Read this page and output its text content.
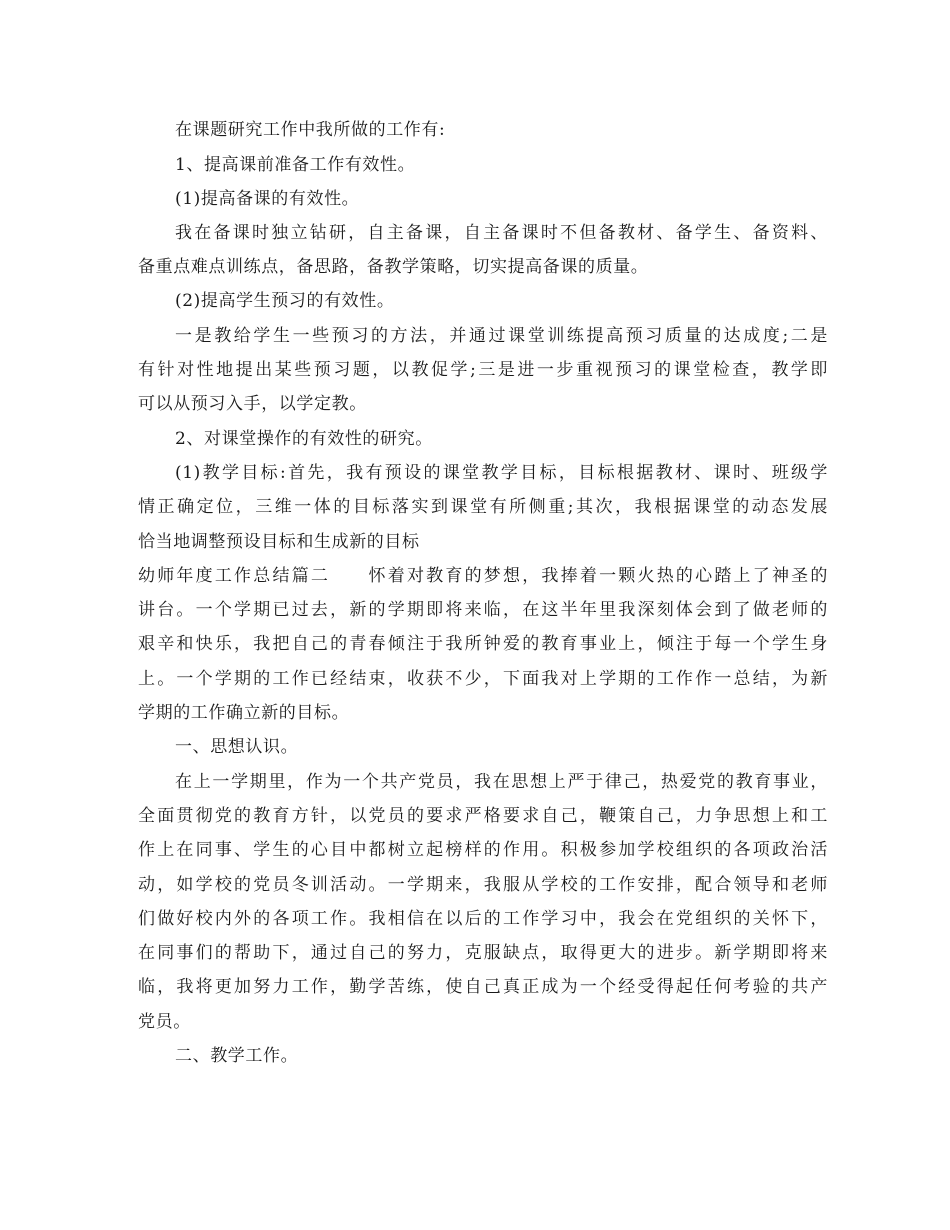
在课题研究工作中我所做的工作有:
1、提高课前准备工作有效性。
(1)提高备课的有效性。
我在备课时独立钻研，自主备课，自主备课时不但备教材、备学生、备资料、
备重点难点训练点，备思路，备教学策略，切实提高备课的质量。
(2)提高学生预习的有效性。
一是教给学生一些预习的方法，并通过课堂训练提高预习质量的达成度;二是
有针对性地提出某些预习题，以教促学;三是进一步重视预习的课堂检查，教学即
可以从预习入手，以学定教。
2、对课堂操作的有效性的研究。
(1)教学目标:首先，我有预设的课堂教学目标，目标根据教材、课时、班级学
情正确定位，三维一体的目标落实到课堂有所侧重;其次，我根据课堂的动态发展
恰当地调整预设目标和生成新的目标
幼师年度工作总结篇二　　怀着对教育的梦想，我捧着一颗火热的心踏上了神圣的
讲台。一个学期已过去，新的学期即将来临，在这半年里我深刻体会到了做老师的
艰辛和快乐，我把自己的青春倾注于我所钟爱的教育事业上，倾注于每一个学生身
上。一个学期的工作已经结束，收获不少，下面我对上学期的工作作一总结，为新
学期的工作确立新的目标。
一、思想认识。
在上一学期里，作为一个共产党员，我在思想上严于律己，热爱党的教育事业，
全面贯彻党的教育方针，以党员的要求严格要求自己，鞭策自己，力争思想上和工
作上在同事、学生的心目中都树立起榜样的作用。积极参加学校组织的各项政治活
动，如学校的党员冬训活动。一学期来，我服从学校的工作安排，配合领导和老师
们做好校内外的各项工作。我相信在以后的工作学习中，我会在党组织的关怀下，
在同事们的帮助下，通过自己的努力，克服缺点，取得更大的进步。新学期即将来
临，我将更加努力工作，勤学苦练，使自己真正成为一个经受得起任何考验的共产
党员。
二、教学工作。
